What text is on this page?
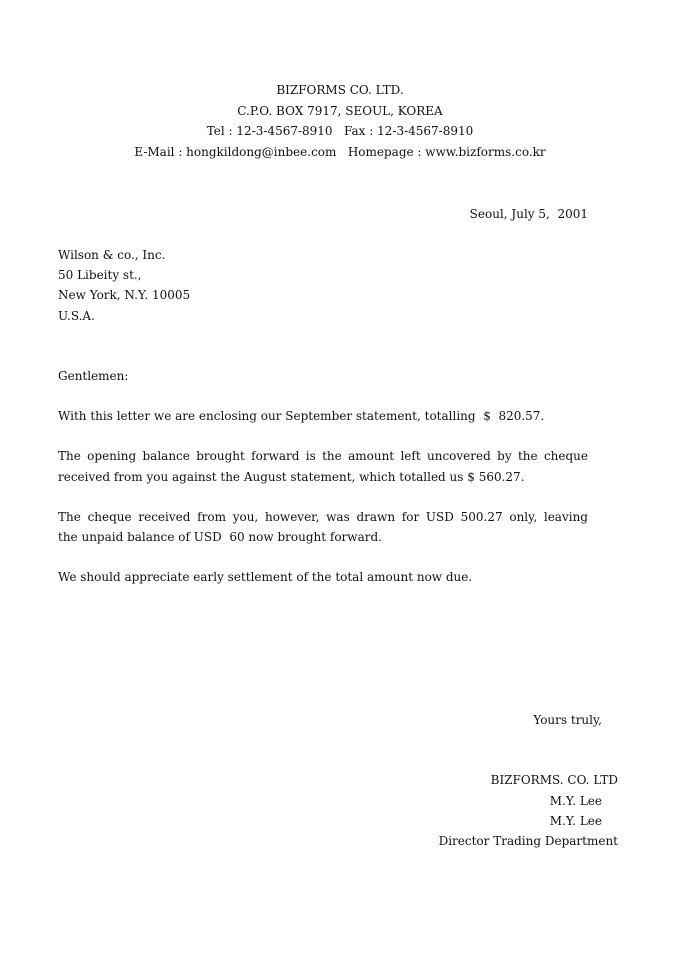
BIZFORMS CO. LTD.
C.P.O. BOX 7917, SEOUL, KOREA
Tel : 12-3-4567-8910   Fax : 12-3-4567-8910
E-Mail : hongkildong@inbee.com   Homepage : www.bizforms.co.kr
Seoul, July 5,  2001
Wilson & co., Inc.
50 Libeity st.,
New York, N.Y. 10005
U.S.A.
Gentlemen:
With this letter we are enclosing our September statement, totalling  $  820.57.
The opening balance brought forward is the amount left uncovered by the cheque
received from you against the August statement, which totalled us $ 560.27.
The cheque received from you, however, was drawn for USD 500.27 only, leaving
the unpaid balance of USD  60 now brought forward.
We should appreciate early settlement of the total amount now due.
Yours truly,
BIZFORMS. CO. LTD
M.Y. Lee
M.Y. Lee
Director Trading Department
